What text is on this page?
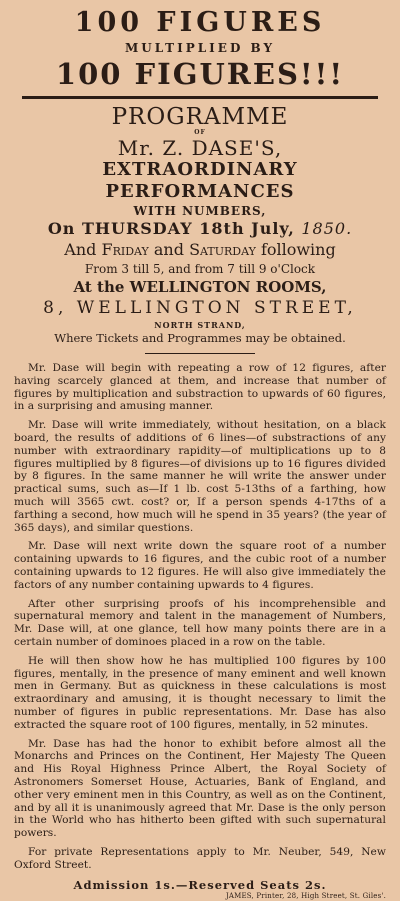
100 FIGURES
MULTIPLIED BY
100 FIGURES!!!
PROGRAMME
OF
Mr. Z. DASE'S,
EXTRAORDINARY PERFORMANCES
WITH NUMBERS,
On THURSDAY 18th July, 1850.
And Friday and Saturday following
From 3 till 5, and from 7 till 9 o'Clock
At the WELLINGTON ROOMS,
8, WELLINGTON STREET,
NORTH STRAND,
Where Tickets and Programmes may be obtained.

Mr. Dase will begin with repeating a row of 12 figures, after having scarcely glanced at them, and increase that number of figures by multiplication and substraction to upwards of 60 figures, in a surprising and amusing manner.

Mr. Dase will write immediately, without hesitation, on a black board, the results of additions of 6 lines—of substractions of any number with extraordinary rapidity—of multiplications up to 8 figures multiplied by 8 figures—of divisions up to 16 figures divided by 8 figures. In the same manner he will write the answer under practical sums, such as—If 1 lb. cost 5-13ths of a farthing, how much will 3565 cwt. cost? or, If a person spends 4-17ths of a farthing a second, how much will he spend in 35 years? (the year of 365 days), and similar questions.

Mr. Dase will next write down the square root of a number containing upwards to 16 figures, and the cubic root of a number containing upwards to 12 figures. He will also give immediately the factors of any number containing upwards to 4 figures.

After other surprising proofs of his incomprehensible and supernatural memory and talent in the management of Numbers, Mr. Dase will, at one glance, tell how many points there are in a certain number of dominoes placed in a row on the table.

He will then show how he has multiplied 100 figures by 100 figures, mentally, in the presence of many eminent and well known men in Germany. But as quickness in these calculations is most extraordinary and amusing, it is thought necessary to limit the number of figures in public representations. Mr. Dase has also extracted the square root of 100 figures, mentally, in 52 minutes.

Mr. Dase has had the honor to exhibit before almost all the Monarchs and Princes on the Continent, Her Majesty The Queen and His Royal Highness Prince Albert, the Royal Society of Astronomers Somerset House, Actuaries, Bank of England, and other very eminent men in this Country, as well as on the Continent, and by all it is unanimously agreed that Mr. Dase is the only person in the World who has hitherto been gifted with such supernatural powers.

For private Representations apply to Mr. Neuber, 549, New Oxford Street.

Admission 1s.—Reserved Seats 2s.
JAMES, Printer, 28, High Street, St. Giles'.
